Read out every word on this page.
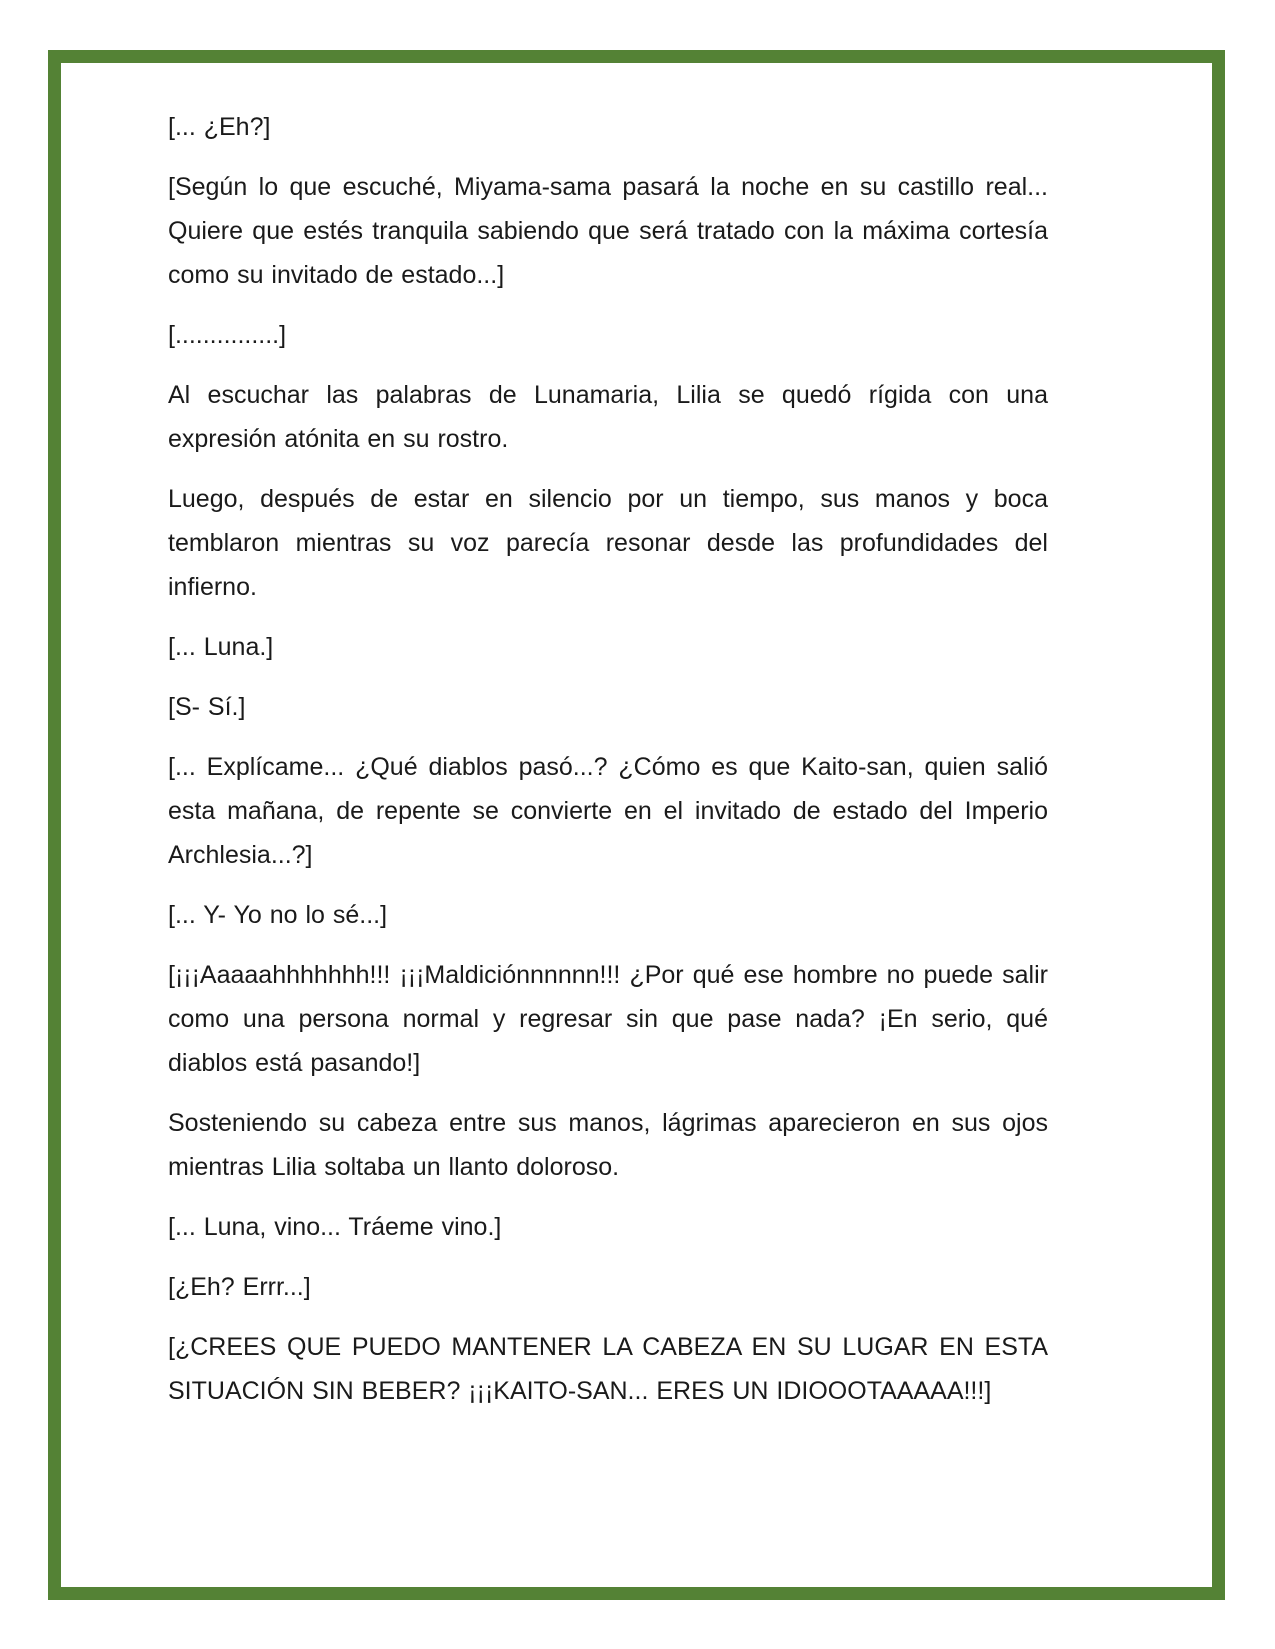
[... ¿Eh?]

[Según lo que escuché, Miyama-sama pasará la noche en su castillo real... Quiere que estés tranquila sabiendo que será tratado con la máxima cortesía como su invitado de estado...]

[...............]

Al escuchar las palabras de Lunamaria, Lilia se quedó rígida con una expresión atónita en su rostro.

Luego, después de estar en silencio por un tiempo, sus manos y boca temblaron mientras su voz parecía resonar desde las profundidades del infierno.

[... Luna.]

[S- Sí.]

[... Explícame... ¿Qué diablos pasó...? ¿Cómo es que Kaito-san, quien salió esta mañana, de repente se convierte en el invitado de estado del Imperio Archlesia...?]

[... Y- Yo no lo sé...]

[¡¡¡Aaaaahhhhhhh!!! ¡¡¡Maldiciónnnnnn!!! ¿Por qué ese hombre no puede salir como una persona normal y regresar sin que pase nada? ¡En serio, qué diablos está pasando!]

Sosteniendo su cabeza entre sus manos, lágrimas aparecieron en sus ojos mientras Lilia soltaba un llanto doloroso.

[... Luna, vino... Tráeme vino.]

[¿Eh? Errr...]

[¿CREES QUE PUEDO MANTENER LA CABEZA EN SU LUGAR EN ESTA SITUACIÓN SIN BEBER? ¡¡¡KAITO-SAN... ERES UN IDIOOOTAAAAA!!!]
